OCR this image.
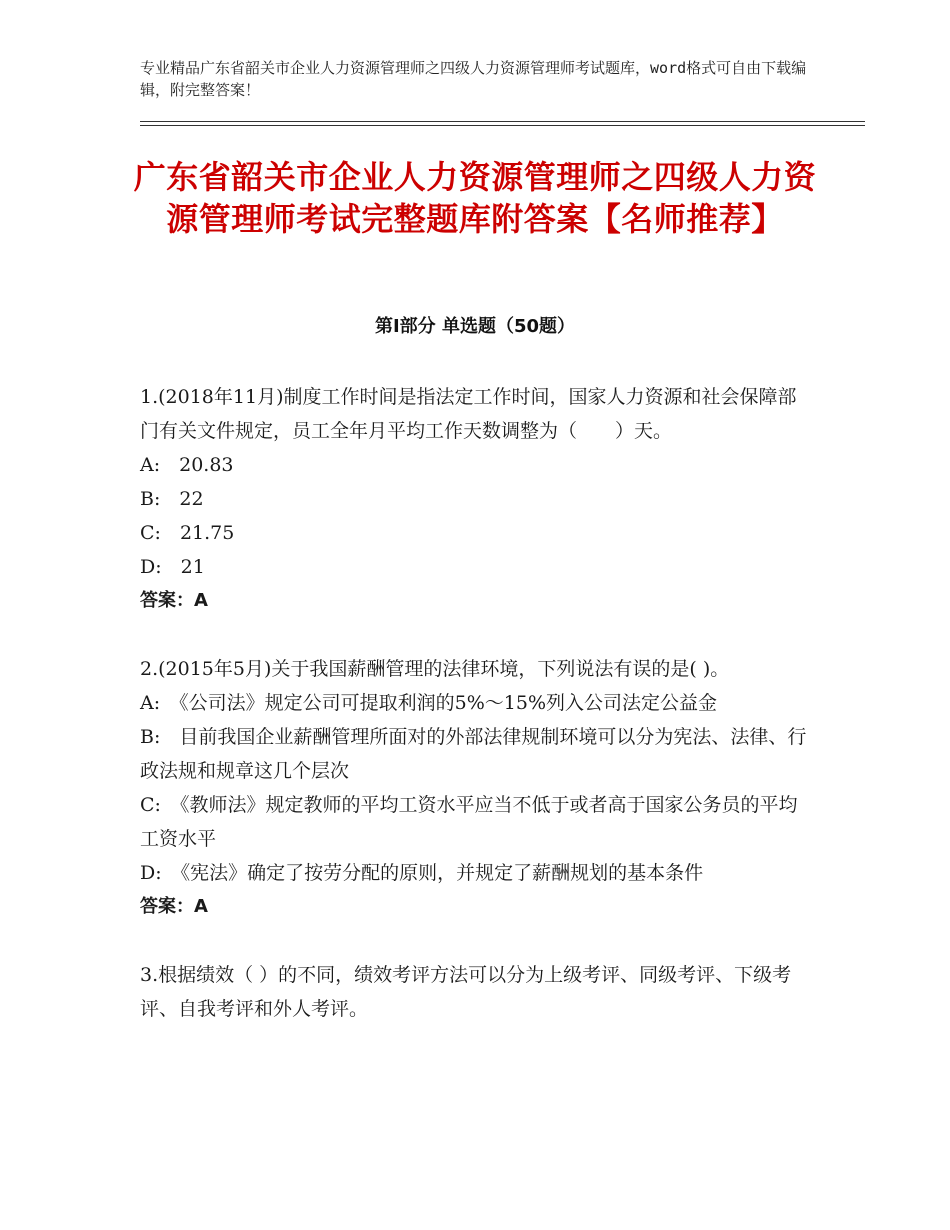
专业精品广东省韶关市企业人力资源管理师之四级人力资源管理师考试题库，word格式可自由下载编辑，附完整答案！
广东省韶关市企业人力资源管理师之四级人力资源管理师考试完整题库附答案【名师推荐】
第Ⅰ部分 单选题（50题）
1.(2018年11月)制度工作时间是指法定工作时间，国家人力资源和社会保障部门有关文件规定，员工全年月平均工作天数调整为（　　）天。
A:　20.83
B:　22
C:　21.75
D:　21
答案：A
2.(2015年5月)关于我国薪酬管理的法律环境，下列说法有误的是( )。
A:　《公司法》规定公司可提取利润的5%～15%列入公司法定公益金
B:　目前我国企业薪酬管理所面对的外部法律规制环境可以分为宪法、法律、行政法规和规章这几个层次
C:　《教师法》规定教师的平均工资水平应当不低于或者高于国家公务员的平均工资水平
D:　《宪法》确定了按劳分配的原则，并规定了薪酬规划的基本条件
答案：A
3.根据绩效（ ）的不同，绩效考评方法可以分为上级考评、同级考评、下级考评、自我考评和外人考评。
